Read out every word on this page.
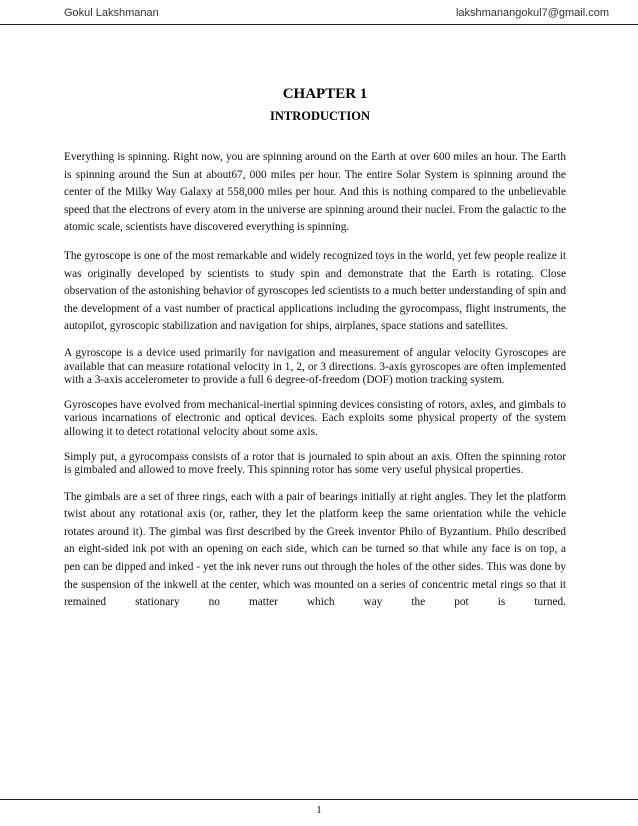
Gokul Lakshmanan	lakshmanangokul7@gmail.com
CHAPTER 1
INTRODUCTION

Everything is spinning. Right now, you are spinning around on the Earth at over 600 miles an hour. The Earth is spinning around the Sun at about67, 000 miles per hour. The entire Solar System is spinning around the center of the Milky Way Galaxy at 558,000 miles per hour. And this is nothing compared to the unbelievable speed that the electrons of every atom in the universe are spinning around their nuclei. From the galactic to the atomic scale, scientists have discovered everything is spinning.

The gyroscope is one of the most remarkable and widely recognized toys in the world, yet few people realize it was originally developed by scientists to study spin and demonstrate that the Earth is rotating. Close observation of the astonishing behavior of gyroscopes led scientists to a much better understanding of spin and the development of a vast number of practical applications including the gyrocompass, flight instruments, the autopilot, gyroscopic stabilization and navigation for ships, airplanes, space stations and satellites.

A gyroscope is a device used primarily for navigation and measurement of angular velocity Gyroscopes are available that can measure rotational velocity in 1, 2, or 3 directions. 3-axis gyroscopes are often implemented with a 3-axis accelerometer to provide a full 6 degree-of-freedom (DOF) motion tracking system.

Gyroscopes have evolved from mechanical-inertial spinning devices consisting of rotors, axles, and gimbals to various incarnations of electronic and optical devices. Each exploits some physical property of the system allowing it to detect rotational velocity about some axis.

Simply put, a gyrocompass consists of a rotor that is journaled to spin about an axis. Often the spinning rotor is gimbaled and allowed to move freely. This spinning rotor has some very useful physical properties.

The gimbals are a set of three rings, each with a pair of bearings initially at right angles. They let the platform twist about any rotational axis (or, rather, they let the platform keep the same orientation while the vehicle rotates around it). The gimbal was first described by the Greek inventor Philo of Byzantium. Philo described an eight-sided ink pot with an opening on each side, which can be turned so that while any face is on top, a pen can be dipped and inked - yet the ink never runs out through the holes of the other sides. This was done by the suspension of the inkwell at the center, which was mounted on a series of concentric metal rings so that it remained stationary no matter which way the pot is turned.

1
